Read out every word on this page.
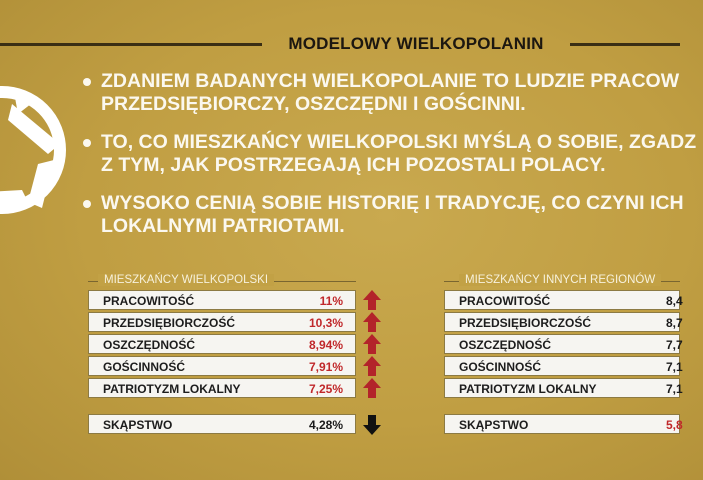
MODELOWY WIELKOPOLANIN
ZDANIEM BADANYCH WIELKOPOLANIE TO LUDZIE PRACOW
PRZEDSIĘBIORCZY, OSZCZĘDNI I GOŚCINNI.
TO, CO MIESZKAŃCY WIELKOPOLSKI MYŚLĄ O SOBIE, ZGADZ
Z TYM, JAK POSTRZEGAJĄ ICH POZOSTALI POLACY.
WYSOKO CENIĄ SOBIE HISTORIĘ I TRADYCJĘ, CO CZYNI ICH
LOKALNYMI PATRIOTAMI.
MIESZKAŃCY WIELKOPOLSKI
PRACOWITOŚĆ	11%
PRZEDSIĘBIORCZOŚĆ	10,3%
OSZCZĘDNOŚĆ	8,94%
GOŚCINNOŚĆ	7,91%
PATRIOTYZM LOKALNY	7,25%
SKĄPSTWO	4,28%
MIESZKAŃCY INNYCH REGIONÓW
PRACOWITOŚĆ	8,4
PRZEDSIĘBIORCZOŚĆ	8,7
OSZCZĘDNOŚĆ	7,7
GOŚCINNOŚĆ	7,1
PATRIOTYZM LOKALNY	7,1
SKĄPSTWO	5,8
